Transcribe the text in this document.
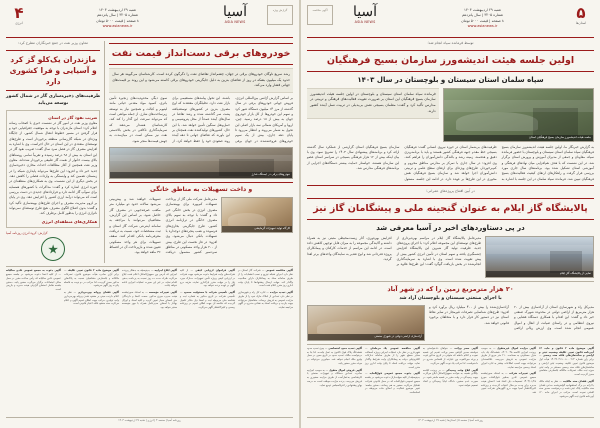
۵
استان‌ها
شنبه ۲۹ اردیبهشت ۱۴۰۳
شماره ۳۲۰۵ | سال پانزدهم
۸ صفحه | قیمت ۵۰۰۰ تومان
www.asianews.ir
آسیا
ASIA NEWS
آگهی مناقصه
توسط فرمانده سپاه انجام شد؛
اولین جلسه هیئت اندیشه‌ورز سازمان بسیج فرهنگیان
سپاه سلمان استان سیستان و بلوچستان در سال ۱۴۰۳
جلسه هیئت اندیشه‌ورز سازمان بسیج فرهنگیان استان
فرمانده سپاه سلمان استان سیستان و بلوچستان در اولین جلسه هیئت اندیشه‌ورز سازمان بسیج فرهنگیان این استان بر ضرورت تقویت فعالیت‌های فرهنگی و تربیتی در مدارس تأکید کرد و گفت: معلمان بسیجی نقش بی‌بدیلی در تربیت نسل آینده کشور دارند.
به گزارش خبرنگار ما، اولین جلسه هیئت اندیشه‌ورز سازمان بسیج فرهنگیان سپاه سلمان استان سیستان و بلوچستان با حضور فرمانده سپاه، معاونان و جمعی از مدیران آموزش و پرورش استان برگزار شد. در این نشست که با هدف هم‌افزایی میان نهادهای فرهنگی و آموزشی استان تشکیل شده بود، برنامه‌های سال جاری مورد بررسی قرار گرفت و راهکارهای ارتقای کیفیت فعالیت‌های بسیج فرهنگیان تبیین شد. فرمانده سپاه سلمان در این جلسه با اشاره به ظرفیت‌های بی‌شمار استان در حوزه نیروی انسانی گفت: فرهنگیان بسیجی خط مقدم جبهه فرهنگی کشور هستند و باید با برنامه‌ریزی دقیق و هدفمند، زمینه رشد و بالندگی دانش‌آموزان را فراهم کنند. وی افزود: در سال جاری با تمرکز بر مدارس مناطق محروم و کم‌برخوردار، طرح‌های ویژه‌ای برای ارتقای سطح علمی و تربیتی دانش‌آموزان اجرا خواهد شد و سازمان بسیج فرهنگیان نقش محوری در این طرح‌ها بر عهده دارد. در ادامه این جلسه، مسئول سازمان بسیج فرهنگیان استان گزارشی از عملکرد سال گذشته ارائه کرد و برنامه‌های پیشنهادی سال ۱۴۰۳ را تشریح نمود. وی با بیان اینکه بیش از ۱۲ هزار فرهنگی بسیجی در سراسر استان عضو این سازمان هستند، خواستار حمایت بیشتر دستگاه‌های اجرایی از برنامه‌های فرهنگی مدارس شد.
در آیین افتتاح پروژه‌های عمرانی؛
پالایشگاه گاز ایلام به عنوان گنجینه ملی و پیشگامان گاز نیز
در پی دستاوردهای اخیر در آسیا معرفی شد
نمایی از پالایشگاه گاز ایلام
مدیرعامل پالایشگاه گاز ایلام در مراسم بهره‌برداری از طرح‌های توسعه‌ای این مجموعه اعلام کرد: با اجرای پروژه‌های جدید، ظرفیت تولید گاز شیرین این پالایشگاه افزایش چشمگیری یافته و سهم استان در تأمین انرژی کشور بیش از پیش تقویت شده است. وی با اشاره به سرمایه‌گذاری انجام‌شده در بخش بازیافت گوگرد گفت: این طرح‌ها علاوه بر افزایش بهره‌وری، آثار زیست‌محیطی مثبتی نیز به همراه داشته و آلایندگی مجموعه را به میزان قابل توجهی کاهش داده است. در ادامه این مراسم از خدمات کارکنان و پیمانکاران پروژه قدردانی شد و لوح تقدیر به نمایندگان واحدهای برتر اهدا گردید.
۲۰ هزار مترمربع زمین را که در شهر آباد
با اجرای صنعتی سیستان و بلوچستان آزاد شد
مدیرکل راه و شهرسازی استان از آزادسازی بیش از ۲۰ هزار مترمربع از اراضی دولتی در محدوده شهرک صنعتی خبر داد و گفت: این اقدام با همکاری دستگاه قضایی و نیروی انتظامی و در راستای صیانت از انفال و اموال عمومی انجام شده است. وی ارزش ریالی اراضی آزادسازی‌شده را بیش از ۴۰۰ میلیارد ریال برآورد کرد و افزود: طرح‌های شناسایی تصرفات غیرمجاز در سایر نقاط استان نیز در دستور کار قرار دارد و با متخلفان برخورد قانونی خواهد شد.
آزادسازی اراضی دولتی در شهرک صنعتی
آگهی موضوع ماده ۳ قانون و ماده ۱۳ آیین‌نامه قانون تعیین تکلیف وضعیت ثبتی و اراضی و ساختمان‌های فاقد سند رسمی — برابر رأی شماره ۱۴۰۳۶۰۳۱۹۰۰۸۰۰۰۲۱۴ هیأت اول موضوع قانون تعیین تکلیف وضعیت ثبتی اراضی و ساختمان‌های فاقد سند رسمی مستقر در واحد ثبتی حوزه ثبت ملک، تصرفات مالکانه بلامعارض متقاضی محرز گردیده است.
آگهی فقدان سند مالکیت — نظر به اینکه مالک با ارائه دو برگ استشهادیه گواهی‌شده مدعی فقدان سند مالکیت پلاک ثبتی شده و درخواست صدور سند المثنی نموده است، مراتب در اجرای ماده ۱۲۰ آیین‌نامه قانون ثبت آگهی می‌شود.
آگهی مزایده اموال غیرمنقول — به موجب پرونده اجرایی کلاسه ۱۴۰۲۰۰۴۵، ششدانگ یک باب منزل مسکونی به مساحت ۲۱۰ متر مربع از طریق مزایده عمومی به فروش می‌رسد. علاقه‌مندان می‌توانند جهت کسب اطلاعات بیشتر به اداره اجرای اسناد رسمی مراجعه نمایند.
آگهی تغییرات شرکت — به استناد صورتجلسه مجمع عمومی عادی به‌طور فوق‌العاده مورخ ۱۴۰۳/۰۱/۲۵ تصمیمات ذیل اتخاذ شد: اعضای هیئت مدیره برای مدت دو سال انتخاب گردیدند و روزنامه کثیرالانتشار آسیا جهت درج آگهی‌های شرکت تعیین شد.
آگهی حصر وراثت — خواهان دادخواستی به خواسته صدور گواهی حصر وراثت تقدیم این شعبه نموده و اعلام داشته که متوفی در تاریخ مذکور فوت و ورثه حین‌الفوت وی عبارتند از اشخاص مندرج در دادخواست. لذا مراتب یک نوبت آگهی می‌گردد.
آگهی ابلاغ وقت رسیدگی — در پرونده کلاسه بایگانی شعبه، به خوانده مجهول‌المکان ابلاغ می‌گردد جهت رسیدگی در وقت مقرر در شعبه حاضر شود. در صورت عدم حضور، دادگاه غیاباً رسیدگی و اتخاذ تصمیم خواهد نمود.
آگهی مناقصه عمومی یک مرحله‌ای — شهرداری در نظر دارد عملیات اجرایی پروژه آسفالت معابر سطح شهر را از طریق سامانه تدارکات الکترونیکی دولت به پیمانکاران واجد شرایط واگذار نماید. مهلت دریافت اسناد تا پایان وقت اداری روز مقرر است.
آگهی دعوت مجمع عمومی فوق‌العاده — بدینوسیله از کلیه سهامداران دعوت می‌شود در جلسه مجمع عمومی فوق‌العاده که در محل قانونی شرکت تشکیل می‌گردد حضور به هم رسانند. دستور جلسه: تغییر موضوع فعالیت و اصلاح ماده مربوطه در اساسنامه.
آگهی تحدید حدود اختصاصی — چون تحدید حدود ششدانگ پلاک فوق تاکنون به عمل نیامده، لذا بنا به درخواست مالک، تحدید حدود در تاریخ معین در محل وقوع ملک انجام خواهد شد. مجاورین می‌توانند در موعد مقرر حضور یابند.
آگهی فروش اموال منقول — به موجب اجراییه صادره، تعدادی دستگاه و تجهیزات صنعتی با کارشناسی به‌عمل‌آمده از طریق مزایده حضوری به فروش می‌رسد. برنده مزایده موظف است ده درصد بهای پیشنهادی را فی‌المجلس تودیع نماید.
روزنامه آسیا | صفحه ۵ | استان‌ها | شنبه ۲۹ اردیبهشت ۱۴۰۳
گزارش ویژه
آسیا
ASIA NEWS
شنبه ۲۹ اردیبهشت ۱۴۰۳
شماره ۳۲۰۵ | سال پانزدهم
۸ صفحه | قیمت ۵۰۰۰ تومان
www.asianews.ir
۴
انرژی
خودروهای برقی دست‌انداز قیمت نفت
رشد سریع ناوگان خودروهای برقی در جهان، چشم‌انداز تقاضای نفت را دگرگون کرده است. کارشناسان می‌گویند هر سال حدود یک میلیون بشکه در روز از تقاضای بنزین به دلیل جایگزینی خودروهای برقی کاسته می‌شود و این روند بر قیمت‌های جهانی فشار وارد می‌کند.
بر اساس گزارش آژانس بین‌المللی انرژی، فروش جهانی خودروهای برقی در سال گذشته از مرز ۱۴ میلیون دستگاه عبور کرد و سهم این خودروها از کل بازار خودروی جهان به بیش از ۱۸ درصد رسید. چین، اروپا و آمریکای شمالی سه بازار اصلی این تحول به شمار می‌روند و انتظار می‌رود تا پایان دهه جاری، بیش از یک سوم خودروهای فروخته‌شده در جهان برقی باشند. این تحول پیامدهای مستقیمی برای بازار نفت دارد. تحلیلگران معتقدند که اوج مصرف بنزین در کشورهای توسعه‌یافته پشت سر گذاشته شده و رشد تقاضا در سال‌های آینده عمدتاً از محل پتروشیمی و حمل‌ونقل سنگین تأمین خواهد شد. با این حال، کشورهای تولیدکننده نفت همچنان بر این باورند که تقاضای جهانی تا دهه آینده روند صعودی خود را حفظ خواهد کرد. از سوی دیگر، محدودیت‌های زنجیره تأمین باتری، کمبود مواد معدنی حیاتی مانند لیتیوم و کبالت و همچنین نیاز به توسعه زیرساخت‌های شارژ، از جمله موانعی است که می‌تواند سرعت این گذار را کند کند. کارشناسان هشدار می‌دهند که سرمایه‌گذاری ناکافی در بخش بالادستی نفت نیز ممکن است در میان‌مدت به جهش قیمت‌ها منجر شود.
خودروهای برقی در ایستگاه شارژ
و داخت تسهیلات به مناطق خانگی
کارگاه تولید تجهیزات گرمایشی
مدیرعامل شرکت ملی گاز از پرداخت تسهیلات کم‌بهره برای بهینه‌سازی مصرف انرژی در بخش خانگی خبر داد و گفت: با توجه به سهم بالای مصرف خانگی در ترازنامه انرژی کشور، طرح جایگزینی بخاری‌های فرسوده و نصب پنجره‌های دوجداره با تسهیلات بانکی دنبال می‌شود. وی افزود: در فاز نخست این طرح، بیش از ۲۰۰ هزار واحد مسکونی در مناطق سردسیر کشور مشمول دریافت تسهیلات خواهند شد و پیش‌بینی می‌شود سالانه حدود دو میلیارد متر مکعب صرفه‌جویی در مصرف گاز حاصل شود. بر اساس این گزارش، متقاضیان می‌توانند با مراجعه به سامانه اینترنتی شرکت گاز استان و ثبت مشخصات خود، نسبت به دریافت معرفی‌نامه بانکی اقدام کنند. سقف تسهیلات برای هر واحد مسکونی تعیین شده و بازپرداخت آن در اقساط ۳۶ ماهه خواهد بود.
معاون وزیر نفت در جمع خبرنگاران مطرح کرد:
مازندران یک‌کلو گز کرد و آسیایی و فرا کشوری دارد
ظرفیت‌های ذخیره‌سازی گاز در شمال کشور توسعه می‌یابد
ضریب نفوذ گاز در استان
معاون وزیر نفت در امور گاز در نشست خبری با اصحاب رسانه اعلام کرد: استان مازندران با توجه به موقعیت جغرافیایی خود و قرار گرفتن در مسیر خطوط انتقال شمال کشور، از جایگاه ویژه‌ای در شبکه گازرسانی منطقه برخوردار است و طرح‌های توسعه‌ای متعددی در این استان در حال اجراست. وی با اشاره به افزایش مصرف گاز در فصل سرد سال گفت: ضریب نفوذ گاز در این استان به بیش از ۹۸ درصد رسیده و تقریباً تمامی روستاهای بالای بیست خانوار از نعمت گاز طبیعی برخوردار شده‌اند. معاون وزیر نفت همچنین از آغاز مطالعات احداث مخازن ذخیره‌سازی جدید خبر داد و افزود: این طرح‌ها می‌تواند پایداری شبکه را در زمستان تضمین کند و وابستگی به واردات فصلی را کاهش دهد. در بخش دیگری از این نشست، وی به همکاری‌های منطقه‌ای در حوزه انرژی اشاره کرد و گفت: مذاکرات با کشورهای همسایه برای سوآپ گاز ادامه دارد و قراردادهای جدیدی در دست بررسی است که می‌تواند درآمد ارزی کشور را افزایش دهد. وی در پایان بر لزوم مدیریت مصرف و اجرای طرح‌های بهینه‌سازی تأکید کرد و گفت: بدون اصلاح الگوی مصرف، هیچ طرح توسعه‌ای نمی‌تواند ناترازی انرژی را به‌طور کامل برطرف کند.
همکاری‌های منطقه‌ای انرژی
گزارش: گروه انرژی روزنامه آسیا
آگهی مناقصه عمومی — شرکت گاز استان در نظر دارد اجرای شبکه توزیع و نصب انشعابات را از طریق سامانه ستاد به پیمانکاران دارای صلاحیت واگذار کند. مهلت ارسال پیشنهادها تا پایان وقت اداری روز مقرر اعلام شده است.
آگهی تجدید مزایده — اداره کل راه و شهرسازی در نظر دارد تعدادی از املاک مازاد خود را از طریق مزایده عمومی به فروش برساند. متقاضیان می‌توانند جهت بازدید و دریافت اسناد به نشانی مندرج در آگهی مراجعه نمایند.
آگهی فراخوان ارزیابی کیفی — از کلیه شرکت‌های واجد شرایط دعوت می‌شود جهت شرکت در ارزیابی کیفی پروژه تأمین تجهیزات، مدارک مورد نیاز را در مهلت مقرر بارگذاری نمایند. هزینه درج آگهی بر عهده برنده خواهد بود.
آگهی تأسیس شرکت با مسئولیت محدود — تأسیس شرکت در تاریخ مذکور به شماره ثبت و شناسه ملی مربوطه ثبت و امضا ذیل دفاتر تکمیل گردیده که خلاصه آن جهت اطلاع عموم در روزنامه رسمی و کثیرالانتشار آگهی می‌گردد.
آگهی ابلاغ اجراییه — بدینوسیله به بدهکار پرونده اجرایی که آدرس وی مجهول‌المکان اعلام شده ابلاغ می‌گردد ظرف مدت ده روز نسبت به پرداخت بدهی اقدام نماید، در غیر این صورت عملیات اجرایی ادامه خواهد یافت.
آگهی تغییرات مؤسسه — به استناد صورتجلسه هیئت مدیره مورخ مذکور، سمت اعضا و دارندگان حق امضای مجاز تعیین گردید و کلیه اسناد و اوراق بهادار با امضای مدیرعامل همراه با مهر مؤسسه معتبر خواهد بود.
آگهی موضوع ماده ۳ قانون تعیین تکلیف — برابر آرای صادره هیأت موضوع قانون، تصرفات مالکانه و بلامعارض متقاضیان نسبت به پلاک‌های مذکور محرز گردیده، لذا مراتب در دو نوبت به فاصله پانزده روز آگهی می‌شود.
آگهی فقدان پروانه بهره‌برداری — نظر به اعلام دارنده مبنی بر مفقود شدن پروانه بهره‌برداری واحد تولیدی، مراتب جهت اطلاع عموم آگهی و اعلام می‌گردد سند مفقود فاقد اعتبار قانونی است.
آگهی دعوت به مجمع عمومی عادی سالیانه — از کلیه اعضا دعوت می‌شود در جلسه مجمع عمومی عادی سالیانه که رأس ساعت مقرر در محل سالن اجتماعات برگزار می‌گردد حضور یابند. دستور جلسه شامل استماع گزارش هیئت مدیره و بازرس است.
روزنامه آسیا | صفحه ۴ | انرژی | شنبه ۲۹ اردیبهشت ۱۴۰۳
